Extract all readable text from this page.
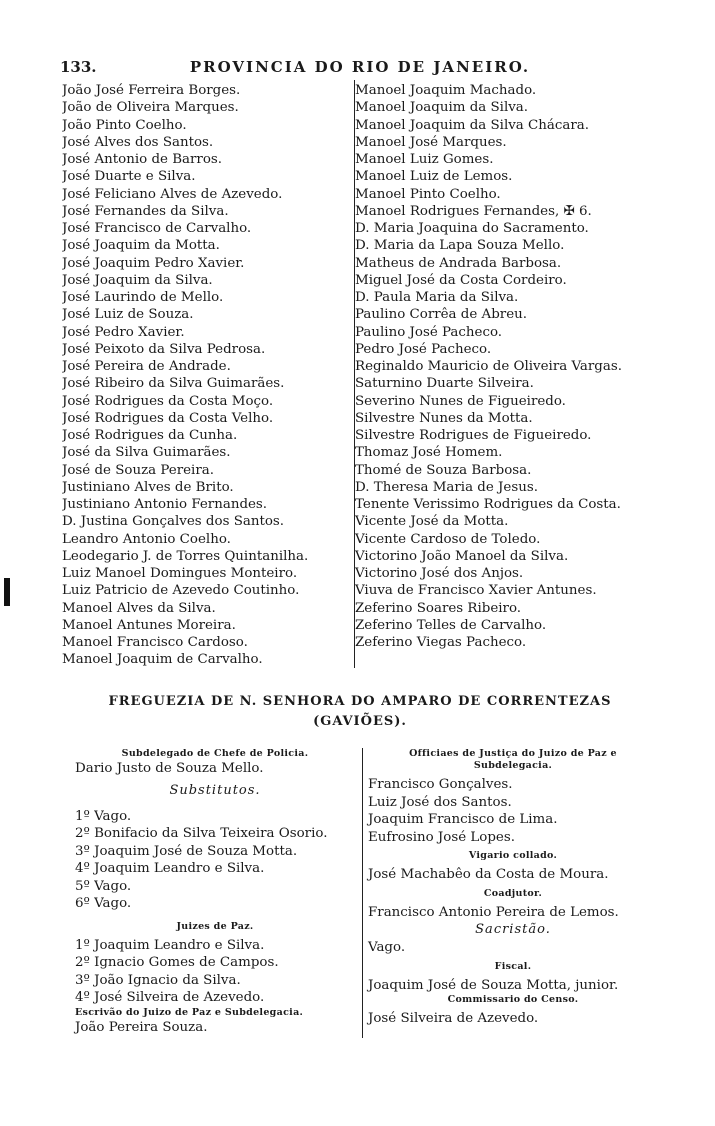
133.	PROVINCIA DO RIO DE JANEIRO.
João José Ferreira Borges.
João de Oliveira Marques.
João Pinto Coelho.
José Alves dos Santos.
José Antonio de Barros.
José Duarte e Silva.
José Feliciano Alves de Azevedo.
José Fernandes da Silva.
José Francisco de Carvalho.
José Joaquim da Motta.
José Joaquim Pedro Xavier.
José Joaquim da Silva.
José Laurindo de Mello.
José Luiz de Souza.
José Pedro Xavier.
José Peixoto da Silva Pedrosa.
José Pereira de Andrade.
José Ribeiro da Silva Guimarães.
José Rodrigues da Costa Moço.
José Rodrigues da Costa Velho.
José Rodrigues da Cunha.
José da Silva Guimarães.
José de Souza Pereira.
Justiniano Alves de Brito.
Justiniano Antonio Fernandes.
D. Justina Gonçalves dos Santos.
Leandro Antonio Coelho.
Leodegario J. de Torres Quintanilha.
Luiz Manoel Domingues Monteiro.
Luiz Patricio de Azevedo Coutinho.
Manoel Alves da Silva.
Manoel Antunes Moreira.
Manoel Francisco Cardoso.
Manoel Joaquim de Carvalho.
Manoel Joaquim Machado.
Manoel Joaquim da Silva.
Manoel Joaquim da Silva Chácara.
Manoel José Marques.
Manoel Luiz Gomes.
Manoel Luiz de Lemos.
Manoel Pinto Coelho.
Manoel Rodrigues Fernandes, ✠ 6.
D. Maria Joaquina do Sacramento.
D. Maria da Lapa Souza Mello.
Matheus de Andrada Barbosa.
Miguel José da Costa Cordeiro.
D. Paula Maria da Silva.
Paulino Corrêa de Abreu.
Paulino José Pacheco.
Pedro José Pacheco.
Reginaldo Mauricio de Oliveira Vargas.
Saturnino Duarte Silveira.
Severino Nunes de Figueiredo.
Silvestre Nunes da Motta.
Silvestre Rodrigues de Figueiredo.
Thomaz José Homem.
Thomé de Souza Barbosa.
D. Theresa Maria de Jesus.
Tenente Verissimo Rodrigues da Costa.
Vicente José da Motta.
Vicente Cardoso de Toledo.
Victorino João Manoel da Silva.
Victorino José dos Anjos.
Viuva de Francisco Xavier Antunes.
Zeferino Soares Ribeiro.
Zeferino Telles de Carvalho.
Zeferino Viegas Pacheco.
FREGUEZIA DE N. SENHORA DO AMPARO DE CORRENTEZAS
(GAVIÕES).
Subdelegado de Chefe de Policia.
Dario Justo de Souza Mello.
Substitutos.
1º Vago.
2º Bonifacio da Silva Teixeira Osorio.
3º Joaquim José de Souza Motta.
4º Joaquim Leandro e Silva.
5º Vago.
6º Vago.
Juizes de Paz.
1º Joaquim Leandro e Silva.
2º Ignacio Gomes de Campos.
3º João Ignacio da Silva.
4º José Silveira de Azevedo.
Escrivão do Juizo de Paz e Subdelegacia.
João Pereira Souza.
Officiaes de Justiça do Juizo de Paz e
Subdelegacia.
Francisco Gonçalves.
Luiz José dos Santos.
Joaquim Francisco de Lima.
Eufrosino José Lopes.
Vigario collado.
José Machabêo da Costa de Moura.
Coadjutor.
Francisco Antonio Pereira de Lemos.
Sacristão.
Vago.
Fiscal.
Joaquim José de Souza Motta, junior.
Commissario do Censo.
José Silveira de Azevedo.
